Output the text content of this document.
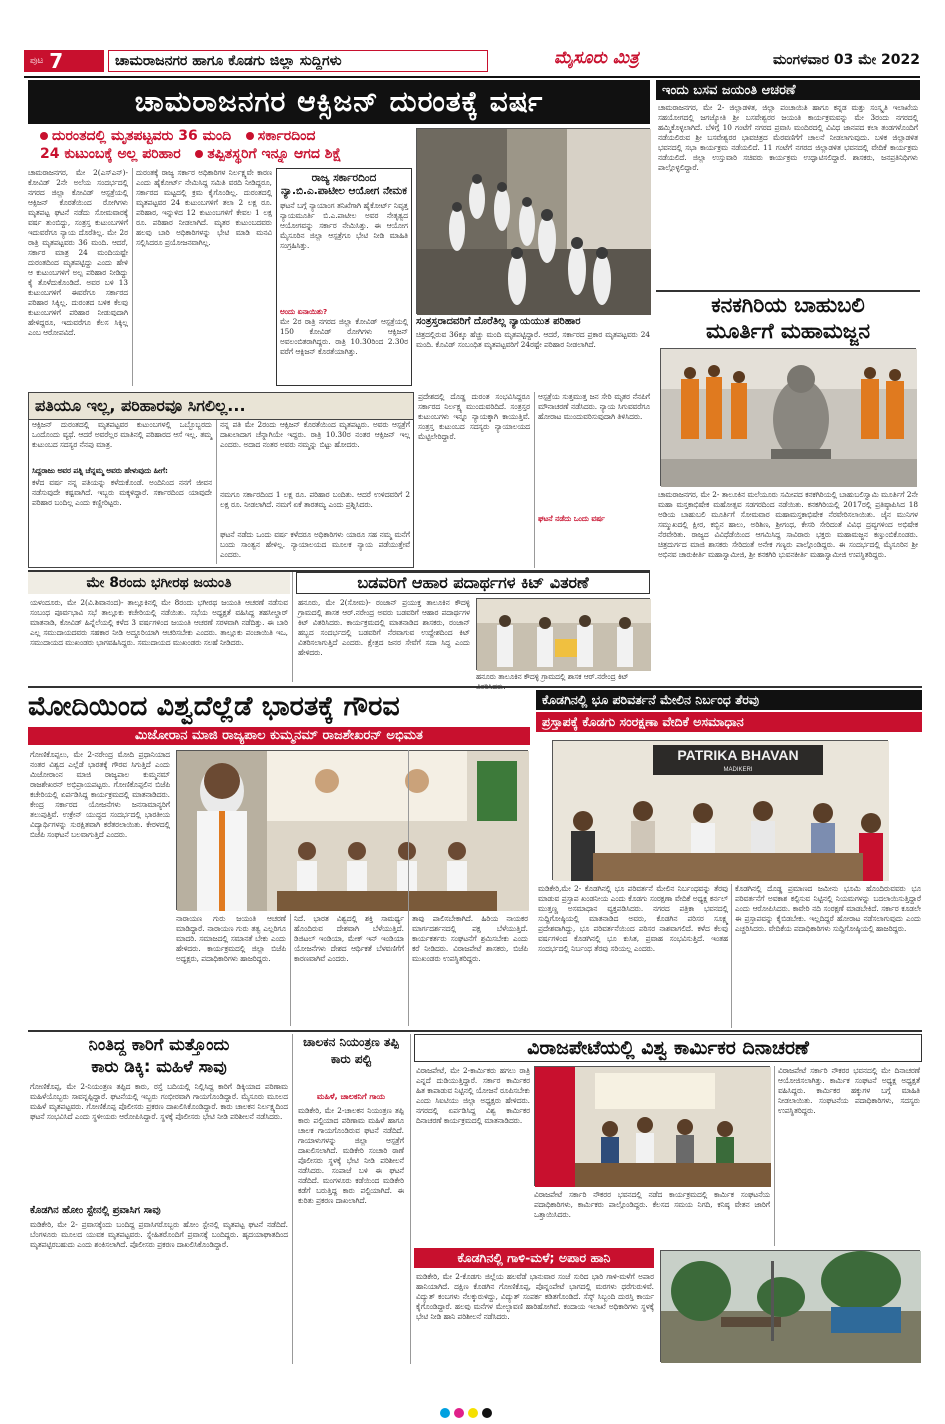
ಪುಟ 7	ಚಾಮರಾಜನಗರ ಹಾಗೂ ಕೊಡಗು ಜಿಲ್ಲಾ ಸುದ್ದಿಗಳು	ಮೈಸೂರು ಮಿತ್ರ	ಮಂಗಳವಾರ 03 ಮೇ 2022
ಚಾಮರಾಜನಗರ ಆಕ್ಸಿಜನ್ ದುರಂತಕ್ಕೆ ವರ್ಷ
ದುರಂತದಲ್ಲಿ ಮೃತಪಟ್ಟವರು 36 ಮಂದಿ ಸರ್ಕಾರದಿಂದ
24 ಕುಟುಂಬಕ್ಕೆ ಅಲ್ಲ ಪರಿಹಾರ ತಪ್ಪಿತಸ್ಥರಿಗೆ ಇನ್ನೂ ಆಗದ ಶಿಕ್ಷೆ
ಚಾಮರಾಜನಗರ, ಮೇ 2(ಎಸ್‌ಎನ್)- ಕೋವಿಡ್ 2ನೇ ಅಲೆಯ ಸಂದರ್ಭದಲ್ಲಿ ನಗರದ ಜಿಲ್ಲಾ ಕೋವಿಡ್ ಆಸ್ಪತ್ರೆಯಲ್ಲಿ ಆಕ್ಸಿಜನ್ ಕೊರತೆಯಿಂದ ರೋಗಿಗಳು ಮೃತಪಟ್ಟ ಘಟನೆ ನಡೆದು ಸೋಮವಾರಕ್ಕೆ ವರ್ಷ ತುಂಬಿದ್ದು, ಸಂತ್ರಸ್ತ ಕುಟುಂಬಗಳಿಗೆ ಇದುವರೆಗೂ ನ್ಯಾಯ ದೊರೆತಿಲ್ಲ. ಮೇ 2ರ ರಾತ್ರಿ ಮೃತಪಟ್ಟವರು 36 ಮಂದಿ. ಆದರೆ, ಸರ್ಕಾರ ಮಾತ್ರ 24 ಮಂದಿಯಷ್ಟೇ ದುರಂತದಿಂದ ಮೃತಪಟ್ಟಿದ್ದು ಎಂದು ಹೇಳಿ ಆ ಕುಟುಂಬಗಳಿಗೆ ಅಲ್ಪ ಪರಿಹಾರ ನೀಡಿದ್ದು ಕೈ ತೊಳೆದುಕೊಂಡಿದೆ. ಅವರ ಬಳಿ 13 ಕುಟುಂಬಗಳಿಗೆ ಈವರೆಗೂ ಸರ್ಕಾರದ ಪರಿಹಾರ ಸಿಕ್ಕಿಲ್ಲ. ದುರಂತದ ಬಳಿಕ ಕೆಲವು ಕುಟುಂಬಗಳಿಗೆ ಪರಿಹಾರ ನೀಡುವುದಾಗಿ ಹೇಳಿದ್ದರೂ, ಇದುವರೆಗೂ ಕೆಲಸ ಸಿಕ್ಕಿಲ್ಲ ಎಂಬ ಆರೋಪವಿದೆ.
ದುರಂತಕ್ಕೆ ರಾಜ್ಯ ಸರ್ಕಾರ ಅಧಿಕಾರಿಗಳ ನಿರ್ಲಕ್ಷ್ಯವೇ ಕಾರಣ ಎಂದು ಹೈಕೋರ್ಟ್ ನೇಮಿಸಿದ್ದ ಸಮಿತಿ ವರದಿ ನೀಡಿದ್ದರೂ, ಸರ್ಕಾರದ ಮಟ್ಟದಲ್ಲಿ ಕ್ರಮ ಕೈಗೊಂಡಿಲ್ಲ. ದುರಂತದಲ್ಲಿ ಮೃತಪಟ್ಟವರ 24 ಕುಟುಂಬಗಳಿಗೆ ತಲಾ 2 ಲಕ್ಷ ರೂ. ಪರಿಹಾರ, ಇನ್ನುಳಿದ 12 ಕುಟುಂಬಗಳಿಗೆ ಕೇವಲ 1 ಲಕ್ಷ ರೂ. ಪರಿಹಾರ ನೀಡಲಾಗಿದೆ. ಮೃತರ ಕುಟುಂಬದವರು ಹಲವು ಬಾರಿ ಅಧಿಕಾರಿಗಳನ್ನು ಭೇಟಿ ಮಾಡಿ ಮನವಿ ಸಲ್ಲಿಸಿದರೂ ಪ್ರಯೋಜನವಾಗಿಲ್ಲ.
ರಾಜ್ಯ ಸರ್ಕಾರದಿಂದ ನ್ಯಾ.ಬಿ.ಎ.ಪಾಟೀಲ ಆಯೋಗ ನೇಮಕ
ಘಟನೆ ಬಗ್ಗೆ ನ್ಯಾಯಾಂಗ ತನಿಖೆಗಾಗಿ ಹೈಕೋರ್ಟ್ ನಿವೃತ್ತ ನ್ಯಾಯಮೂರ್ತಿ ಬಿ.ಎ.ಪಾಟೀಲ ಅವರ ನೇತೃತ್ವದ ಆಯೋಗವನ್ನು ಸರ್ಕಾರ ನೇಮಿಸಿತ್ತು. ಈ ಆಯೋಗ ಮೈಸೂರಿನ ಜಿಲ್ಲಾ ಆಸ್ಪತ್ರೆಗೂ ಭೇಟಿ ನೀಡಿ ಮಾಹಿತಿ ಸಂಗ್ರಹಿಸಿತ್ತು.
ಅಂದು ಏನಾಯಿತು?
ಮೇ 2ರ ರಾತ್ರಿ ನಗರದ ಜಿಲ್ಲಾ ಕೋವಿಡ್ ಆಸ್ಪತ್ರೆಯಲ್ಲಿ 150 ಕೋವಿಡ್ ರೋಗಿಗಳು ಆಕ್ಸಿಜನ್ ಅವಲಂಬಿತರಾಗಿದ್ದರು. ರಾತ್ರಿ 10.30ರಿಂದ 2.30ರ ವರೆಗೆ ಆಕ್ಸಿಜನ್ ಕೊರತೆಯಾಗಿತ್ತು.
ಸಂತ್ರಸ್ತರಾದವರಿಗೆ ದೊರೆತಿಲ್ಲ ನ್ಯಾಯಯುತ ಪರಿಹಾರ
ಚಿತ್ರದಲ್ಲಿರುವ 36ಕ್ಕೂ ಹೆಚ್ಚು ಮಂದಿ ಮೃತಪಟ್ಟಿದ್ದಾರೆ. ಆದರೆ, ಸರ್ಕಾರದ ಪ್ರಕಾರ ಮೃತಪಟ್ಟವರು 24 ಮಂದಿ. ಕೊವಿಡ್ ಸಂಬಂಧಿತ ಮೃತಪಟ್ಟವರಿಗೆ 24ರಷ್ಟೇ ಪರಿಹಾರ ನೀಡಲಾಗಿದೆ.
ಪತಿಯೂ ಇಲ್ಲ, ಪರಿಹಾರವೂ ಸಿಗಲಿಲ್ಲ...
ಆಕ್ಸಿಜನ್ ದುರಂತದಲ್ಲಿ ಮೃತಪಟ್ಟವರ ಕುಟುಂಬಗಳಲ್ಲಿ ಒಬ್ಬೊಬ್ಬರದು ಒಂದೊಂದು ವ್ಯಥೆ. ಆದರೆ ಅವರೆಲ್ಲರ ಮಾತಿನಲ್ಲಿ ಪರಿಹಾರದ ಆಸೆ ಇಲ್ಲ. ತಮ್ಮ ಕುಟುಂಬದ ಸದಸ್ಯರ ನೆನಪು ಮಾತ್ರ.
ಸಿದ್ದರಾಜು ಅವರ ಪತ್ನಿ ಚೆನ್ನಮ್ಮ ಅವರು ಹೇಳುವುದು ಹೀಗೆ:
ಕಳೆದ ವರ್ಷ ನನ್ನ ಪತಿಯನ್ನು ಕಳೆದುಕೊಂಡೆ. ಅಂದಿನಿಂದ ನನಗೆ ಜೀವನ ನಡೆಸುವುದೇ ಕಷ್ಟವಾಗಿದೆ. ಇಬ್ಬರು ಮಕ್ಕಳಿದ್ದಾರೆ. ಸರ್ಕಾರದಿಂದ ಯಾವುದೇ ಪರಿಹಾರ ಬಂದಿಲ್ಲ ಎಂದು ಕಣ್ಣೀರಿಟ್ಟರು.
ನನ್ನ ಪತಿ ಮೇ 2ರಂದು ಆಕ್ಸಿಜನ್ ಕೊರತೆಯಿಂದ ಮೃತಪಟ್ಟರು. ಅವರು ಆಸ್ಪತ್ರೆಗೆ ದಾಖಲಾದಾಗ ಚೆನ್ನಾಗಿಯೇ ಇದ್ದರು. ರಾತ್ರಿ 10.30ರ ನಂತರ ಆಕ್ಸಿಜನ್ ಇಲ್ಲ ಎಂದರು. ಅದಾದ ನಂತರ ಅವರು ನಮ್ಮನ್ನು ಬಿಟ್ಟು ಹೋದರು.
ನಮಗೂ ಸರ್ಕಾರದಿಂದ 1 ಲಕ್ಷ ರೂ. ಪರಿಹಾರ ಬಂದಿತು. ಆದರೆ ಉಳಿದವರಿಗೆ 2 ಲಕ್ಷ ರೂ. ನೀಡಲಾಗಿದೆ. ನಮಗೆ ಏಕೆ ತಾರತಮ್ಯ ಎಂದು ಪ್ರಶ್ನಿಸಿದರು.
ಘಟನೆ ನಡೆದು ಒಂದು ವರ್ಷ ಕಳೆದರೂ ಅಧಿಕಾರಿಗಳು ಯಾರೂ ಸಹ ನಮ್ಮ ಮನೆಗೆ ಬಂದು ಸಾಂತ್ವನ ಹೇಳಿಲ್ಲ. ನ್ಯಾಯಾಲಯದ ಮೂಲಕ ನ್ಯಾಯ ಪಡೆಯುತ್ತೇವೆ ಎಂದರು.
ಪ್ರದೇಶದಲ್ಲಿ ದೊಡ್ಡ ದುರಂತ ಸಂಭವಿಸಿದ್ದರೂ ಸರ್ಕಾರದ ನಿರ್ಲಕ್ಷ್ಯ ಮುಂದುವರಿದಿದೆ. ಸಂತ್ರಸ್ತರ ಕುಟುಂಬಗಳು ಇನ್ನೂ ನ್ಯಾಯಕ್ಕಾಗಿ ಕಾಯುತ್ತಿವೆ. ಸಂತ್ರಸ್ತ ಕುಟುಂಬದ ಸದಸ್ಯರು ನ್ಯಾಯಾಲಯದ ಮೆಟ್ಟಿಲೇರಿದ್ದಾರೆ.
ಆಸ್ಪತ್ರೆಯ ಸುತ್ತಮುತ್ತ ಜನ ಸೇರಿ ಮೃತರ ನೆನಪಿಗೆ ಮೌನಾಚರಣೆ ನಡೆಸಿದರು. ನ್ಯಾಯ ಸಿಗುವವರೆಗೂ ಹೋರಾಟ ಮುಂದುವರಿಸುವುದಾಗಿ ತಿಳಿಸಿದರು.
ಘಟನೆ ನಡೆದು ಒಂದು ವರ್ಷ
ಇಂದು ಬಸವ ಜಯಂತಿ ಆಚರಣೆ
ಚಾಮರಾಜನಗರ, ಮೇ 2- ಜಿಲ್ಲಾಡಳಿತ, ಜಿಲ್ಲಾ ಪಂಚಾಯಿತಿ ಹಾಗೂ ಕನ್ನಡ ಮತ್ತು ಸಂಸ್ಕೃತಿ ಇಲಾಖೆಯ ಸಹಯೋಗದಲ್ಲಿ ಜಗಜ್ಯೋತಿ ಶ್ರೀ ಬಸವೇಶ್ವರರ ಜಯಂತಿ ಕಾರ್ಯಕ್ರಮವನ್ನು ಮೇ 3ರಂದು ನಗರದಲ್ಲಿ ಹಮ್ಮಿಕೊಳ್ಳಲಾಗಿದೆ. ಬೆಳಿಗ್ಗೆ 10 ಗಂಟೆಗೆ ನಗರದ ಪ್ರವಾಸಿ ಮಂದಿರದಲ್ಲಿ ವಿವಿಧ ಜಾನಪದ ಕಲಾ ತಂಡಗಳೊಂದಿಗೆ ನಡೆಯಲಿರುವ ಶ್ರೀ ಬಸವೇಶ್ವರರ ಭಾವಚಿತ್ರದ ಮೆರವಣಿಗೆಗೆ ಚಾಲನೆ ನೀಡಲಾಗುವುದು. ಬಳಿಕ ಜಿಲ್ಲಾಡಳಿತ ಭವನದಲ್ಲಿ ಸಭಾ ಕಾರ್ಯಕ್ರಮ ನಡೆಯಲಿದೆ. 11 ಗಂಟೆಗೆ ನಗರದ ಜಿಲ್ಲಾಡಳಿತ ಭವನದಲ್ಲಿ ವೇದಿಕೆ ಕಾರ್ಯಕ್ರಮ ನಡೆಯಲಿದೆ. ಜಿಲ್ಲಾ ಉಸ್ತುವಾರಿ ಸಚಿವರು ಕಾರ್ಯಕ್ರಮ ಉದ್ಘಾಟಿಸಲಿದ್ದಾರೆ. ಶಾಸಕರು, ಜನಪ್ರತಿನಿಧಿಗಳು ಪಾಲ್ಗೊಳ್ಳಲಿದ್ದಾರೆ.
ಕನಕಗಿರಿಯ ಬಾಹುಬಲಿ
ಮೂರ್ತಿಗೆ ಮಹಾಮಜ್ಜನ
ಚಾಮರಾಜನಗರ, ಮೇ 2- ತಾಲೂಕಿನ ಮಲೆಯೂರು ಸಮೀಪದ ಕನಕಗಿರಿಯಲ್ಲಿ ಬಾಹುಬಲಿಸ್ವಾಮಿ ಮೂರ್ತಿಗೆ 2ನೇ ಮಹಾ ಮಸ್ತಕಾಭಿಷೇಕ ಮಹೋತ್ಸವ ಸಡಗರದಿಂದ ನಡೆಯಿತು. ಕನಕಗಿರಿಯಲ್ಲಿ 2017ರಲ್ಲಿ ಪ್ರತಿಷ್ಠಾಪಿಸಿದ 18 ಅಡಿಯ ಬಾಹುಬಲಿ ಮೂರ್ತಿಗೆ ಸೋಮವಾರ ಮಹಾಮಸ್ತಕಾಭಿಷೇಕ ನೆರವೇರಿಸಲಾಯಿತು. ಜೈನ ಮುನಿಗಳ ಸಮ್ಮುಖದಲ್ಲಿ ಕ್ಷೀರ, ಕಬ್ಬಿನ ಹಾಲು, ಅರಿಶಿಣ, ಶ್ರೀಗಂಧ, ಕೇಸರಿ ಸೇರಿದಂತೆ ವಿವಿಧ ದ್ರವ್ಯಗಳಿಂದ ಅಭಿಷೇಕ ನೆರವೇರಿತು. ರಾಜ್ಯದ ವಿವಿಧೆಡೆಯಿಂದ ಆಗಮಿಸಿದ್ದ ಸಾವಿರಾರು ಭಕ್ತರು ಮಹಾಮಜ್ಜನ ಕಣ್ತುಂಬಿಕೊಂಡರು. ಚಿತ್ರದುರ್ಗದ ಮಾಜಿ ಶಾಸಕರು ಸೇರಿದಂತೆ ಅನೇಕ ಗಣ್ಯರು ಪಾಲ್ಗೊಂಡಿದ್ದರು. ಈ ಸಂದರ್ಭದಲ್ಲಿ ಮೈಸೂರಿನ ಶ್ರೀ ಅಭಿನವ ಚಾರುಕೀರ್ತಿ ಮಹಾಸ್ವಾಮೀಜಿ, ಶ್ರೀ ಕನಕಗಿರಿ ಭುವನಕೀರ್ತಿ ಮಹಾಸ್ವಾಮೀಜಿ ಉಪಸ್ಥಿತರಿದ್ದರು.
ಮೇ 8ರಂದು ಭಗೀರಥ ಜಯಂತಿ
ಯಳಂದೂರು, ಮೇ 2(ವಿ.ಶಿವಾನಂದ)- ತಾಲ್ಲೂಕಿನಲ್ಲಿ ಮೇ 8ರಂದು ಭಗೀರಥ ಜಯಂತಿ ಆಚರಣೆ ನಡೆಸುವ ಸಂಬಂಧ ಪೂರ್ವಭಾವಿ ಸಭೆ ತಾಲ್ಲೂಕು ಕಚೇರಿಯಲ್ಲಿ ನಡೆಯಿತು. ಸಭೆಯ ಅಧ್ಯಕ್ಷತೆ ವಹಿಸಿದ್ದ ತಹಸೀಲ್ದಾರ್ ಮಾತನಾಡಿ, ಕೋವಿಡ್ ಹಿನ್ನೆಲೆಯಲ್ಲಿ ಕಳೆದ 3 ವರ್ಷಗಳಿಂದ ಜಯಂತಿ ಆಚರಣೆ ಸರಳವಾಗಿ ನಡೆದಿತ್ತು. ಈ ಬಾರಿ ಎಲ್ಲ ಸಮುದಾಯದವರು ಸಹಕಾರ ನೀಡಿ ಅದ್ದೂರಿಯಾಗಿ ಆಚರಿಸಬೇಕು ಎಂದರು. ತಾಲ್ಲೂಕು ಪಂಚಾಯಿತಿ ಇಒ, ಸಮುದಾಯದ ಮುಖಂಡರು ಭಾಗವಹಿಸಿದ್ದರು. ಸಮುದಾಯದ ಮುಖಂಡರು ಸಲಹೆ ನೀಡಿದರು.
ಬಡವರಿಗೆ ಆಹಾರ ಪದಾರ್ಥಗಳ ಕಿಟ್ ವಿತರಣೆ
ಹನೂರು, ಮೇ 2(ಸೋಮ)- ರಂಜಾನ್ ಪ್ರಯುಕ್ತ ತಾಲೂಕಿನ ಕೌದಳ್ಳಿ ಗ್ರಾಮದಲ್ಲಿ ಶಾಸಕ ಆರ್.ನರೇಂದ್ರ ಅವರು ಬಡವರಿಗೆ ಆಹಾರ ಪದಾರ್ಥಗಳ ಕಿಟ್ ವಿತರಿಸಿದರು. ಕಾರ್ಯಕ್ರಮದಲ್ಲಿ ಮಾತನಾಡಿದ ಶಾಸಕರು, ರಂಜಾನ್ ಹಬ್ಬದ ಸಂದರ್ಭದಲ್ಲಿ ಬಡವರಿಗೆ ನೆರವಾಗುವ ಉದ್ದೇಶದಿಂದ ಕಿಟ್ ವಿತರಿಸಲಾಗುತ್ತಿದೆ ಎಂದರು. ಕ್ಷೇತ್ರದ ಜನರ ಸೇವೆಗೆ ಸದಾ ಸಿದ್ಧ ಎಂದು ಹೇಳಿದರು.
ಹನೂರು ತಾಲೂಕಿನ ಕೌದಳ್ಳಿ ಗ್ರಾಮದಲ್ಲಿ ಶಾಸಕ ಆರ್.ನರೇಂದ್ರ ಕಿಟ್
ಮೋದಿಯಿಂದ ವಿಶ್ವದೆಲ್ಲೆಡೆ ಭಾರತಕ್ಕೆ ಗೌರವ
ಮಿಜೋರಾನ ಮಾಜಿ ರಾಜ್ಯಪಾಲ ಕುಮ್ಮನಮ್ ರಾಜಶೇಖರನ್ ಅಭಿಮತ
ಗೋಣಿಕೊಪ್ಪಲು, ಮೇ 2-ನರೇಂದ್ರ ಮೋದಿ ಪ್ರಧಾನಿಯಾದ ನಂತರ ವಿಶ್ವದ ಎಲ್ಲೆಡೆ ಭಾರತಕ್ಕೆ ಗೌರವ ಸಿಗುತ್ತಿದೆ ಎಂದು ಮಿಜೋರಾಂನ ಮಾಜಿ ರಾಜ್ಯಪಾಲ ಕುಮ್ಮನಮ್ ರಾಜಶೇಖರನ್ ಅಭಿಪ್ರಾಯಪಟ್ಟರು. ಗೋಣಿಕೊಪ್ಪಲಿನ ಬಿಜೆಪಿ ಕಚೇರಿಯಲ್ಲಿ ಏರ್ಪಡಿಸಿದ್ದ ಕಾರ್ಯಕ್ರಮದಲ್ಲಿ ಮಾತನಾಡಿದರು. ಕೇಂದ್ರ ಸರ್ಕಾರದ ಯೋಜನೆಗಳು ಜನಸಾಮಾನ್ಯರಿಗೆ ತಲುಪುತ್ತಿವೆ. ಉಕ್ರೇನ್ ಯುದ್ಧದ ಸಂದರ್ಭದಲ್ಲಿ ಭಾರತೀಯ ವಿದ್ಯಾರ್ಥಿಗಳನ್ನು ಸುರಕ್ಷಿತವಾಗಿ ಕರೆತರಲಾಯಿತು. ಕೇರಳದಲ್ಲಿ ಬಿಜೆಪಿ ಸಂಘಟನೆ ಬಲವಾಗುತ್ತಿದೆ ಎಂದರು.
ನಾರಾಯಣ ಗುರು ಜಯಂತಿ ಆಚರಣೆ ಮಾಡಿದ್ದಾರೆ. ನಾರಾಯಣ ಗುರು ತತ್ವ ಎಲ್ಲರಿಗೂ ಮಾದರಿ. ಸಮಾಜದಲ್ಲಿ ಸಮಾನತೆ ಬೇಕು ಎಂದು ಹೇಳಿದರು. ಕಾರ್ಯಕ್ರಮದಲ್ಲಿ ಜಿಲ್ಲಾ ಬಿಜೆಪಿ ಅಧ್ಯಕ್ಷರು, ಪದಾಧಿಕಾರಿಗಳು ಹಾಜರಿದ್ದರು.
ನಿದೆ. ಭಾರತ ವಿಶ್ವದಲ್ಲಿ ಶಕ್ತಿ ಸಾಮರ್ಥ್ಯ ಹೊಂದಿರುವ ದೇಶವಾಗಿ ಬೆಳೆಯುತ್ತಿದೆ. ಡಿಜಿಟಲ್ ಇಂಡಿಯಾ, ಮೇಕ್ ಇನ್ ಇಂಡಿಯಾ ಯೋಜನೆಗಳು ದೇಶದ ಆರ್ಥಿಕತೆ ಬೆಳವಣಿಗೆಗೆ ಕಾರಣವಾಗಿವೆ ಎಂದರು.
ತಾವು ಪಾಲಿಸಬೇಕಾಗಿದೆ. ಹಿರಿಯ ನಾಯಕರ ಮಾರ್ಗದರ್ಶನದಲ್ಲಿ ಪಕ್ಷ ಬೆಳೆಯುತ್ತಿದೆ. ಕಾರ್ಯಕರ್ತರು ಸಂಘಟನೆಗೆ ಶ್ರಮಿಸಬೇಕು ಎಂದು ಕರೆ ನೀಡಿದರು. ವಿರಾಜಪೇಟೆ ಶಾಸಕರು, ಬಿಜೆಪಿ ಮುಖಂಡರು ಉಪಸ್ಥಿತರಿದ್ದರು.
ಕೊಡಗಿನಲ್ಲಿ ಭೂ ಪರಿವರ್ತನೆ ಮೇಲಿನ ನಿರ್ಬಂಧ ತೆರವು
ಪ್ರಸ್ತಾಪಕ್ಕೆ ಕೊಡಗು ಸಂರಕ್ಷಣಾ ವೇದಿಕೆ ಅಸಮಾಧಾನ
PATRIKA BHAVAN
MADIKERI
ಮಡಿಕೇರಿ,ಮೇ 2- ಕೊಡಗಿನಲ್ಲಿ ಭೂ ಪರಿವರ್ತನೆ ಮೇಲಿನ ನಿರ್ಬಂಧವನ್ನು ತೆರವು ಮಾಡುವ ಪ್ರಸ್ತಾಪ ಖಂಡನೀಯ ಎಂದು ಕೊಡಗು ಸಂರಕ್ಷಣಾ ವೇದಿಕೆ ಅಧ್ಯಕ್ಷ ಕರ್ನಲ್ ಮುತ್ತಣ್ಣ ಅಸಮಾಧಾನ ವ್ಯಕ್ತಪಡಿಸಿದರು. ನಗರದ ಪತ್ರಿಕಾ ಭವನದಲ್ಲಿ ಸುದ್ದಿಗೋಷ್ಠಿಯಲ್ಲಿ ಮಾತನಾಡಿದ ಅವರು, ಕೊಡಗಿನ ಪರಿಸರ ಸೂಕ್ಷ್ಮ ಪ್ರದೇಶವಾಗಿದ್ದು, ಭೂ ಪರಿವರ್ತನೆಯಿಂದ ಪರಿಸರ ನಾಶವಾಗಲಿದೆ. ಕಳೆದ ಕೆಲವು ವರ್ಷಗಳಿಂದ ಕೊಡಗಿನಲ್ಲಿ ಭೂ ಕುಸಿತ, ಪ್ರವಾಹ ಸಂಭವಿಸುತ್ತಿದೆ. ಇಂತಹ ಸಂದರ್ಭದಲ್ಲಿ ನಿರ್ಬಂಧ ತೆರವು ಸರಿಯಲ್ಲ ಎಂದರು.
ಕೊಡಗಿನಲ್ಲಿ ದೊಡ್ಡ ಪ್ರಮಾಣದ ಜಮೀನು ಭೂಮಿ ಹೊಂದಿರುವವರು ಭೂ ಪರಿವರ್ತನೆಗೆ ಅವಕಾಶ ಕಲ್ಪಿಸುವ ನಿಟ್ಟಿನಲ್ಲಿ ನಿಯಮಗಳನ್ನು ಬದಲಾಯಿಸುತ್ತಿದ್ದಾರೆ ಎಂದು ಆರೋಪಿಸಿದರು. ಕಾವೇರಿ ನದಿ ಸಂರಕ್ಷಣೆ ಮಾಡಬೇಕಿದೆ. ಸರ್ಕಾರ ಕೂಡಲೇ ಈ ಪ್ರಸ್ತಾಪವನ್ನು ಕೈಬಿಡಬೇಕು. ಇಲ್ಲದಿದ್ದರೆ ಹೋರಾಟ ನಡೆಸಲಾಗುವುದು ಎಂದು ಎಚ್ಚರಿಸಿದರು. ವೇದಿಕೆಯ ಪದಾಧಿಕಾರಿಗಳು ಸುದ್ದಿಗೋಷ್ಠಿಯಲ್ಲಿ ಹಾಜರಿದ್ದರು.
ನಿಂತಿದ್ದ ಕಾರಿಗೆ ಮತ್ತೊಂದು
ಕಾರು ಡಿಕ್ಕಿ: ಮಹಿಳೆ ಸಾವು
ಗೋಣಿಕೊಪ್ಪ, ಮೇ 2-ನಿಯಂತ್ರಣ ತಪ್ಪಿದ ಕಾರು, ರಸ್ತೆ ಬದಿಯಲ್ಲಿ ನಿಲ್ಲಿಸಿದ್ದ ಕಾರಿಗೆ ಡಿಕ್ಕಿಯಾದ ಪರಿಣಾಮ ಮಹಿಳೆಯೊಬ್ಬರು ಸಾವನ್ನಪ್ಪಿದ್ದಾರೆ. ಘಟನೆಯಲ್ಲಿ ಇಬ್ಬರು ಗಂಭೀರವಾಗಿ ಗಾಯಗೊಂಡಿದ್ದಾರೆ. ಮೈಸೂರು ಮೂಲದ ಮಹಿಳೆ ಮೃತಪಟ್ಟವರು. ಗೋಣಿಕೊಪ್ಪ ಪೊಲೀಸರು ಪ್ರಕರಣ ದಾಖಲಿಸಿಕೊಂಡಿದ್ದಾರೆ. ಕಾರು ಚಾಲಕನ ನಿರ್ಲಕ್ಷ್ಯದಿಂದ ಘಟನೆ ಸಂಭವಿಸಿದೆ ಎಂದು ಸ್ಥಳೀಯರು ಆರೋಪಿಸಿದ್ದಾರೆ. ಸ್ಥಳಕ್ಕೆ ಪೊಲೀಸರು ಭೇಟಿ ನೀಡಿ ಪರಿಶೀಲನೆ ನಡೆಸಿದರು.
ಕೊಡಗಿನ ಹೋಂ ಸ್ಟೇನಲ್ಲಿ ಪ್ರವಾಸಿಗ ಸಾವು
ಮಡಿಕೇರಿ, ಮೇ 2- ಪ್ರವಾಸಕ್ಕೆಂದು ಬಂದಿದ್ದ ಪ್ರವಾಸಿಗರೊಬ್ಬರು ಹೋಂ ಸ್ಟೇನಲ್ಲಿ ಮೃತಪಟ್ಟ ಘಟನೆ ನಡೆದಿದೆ. ಬೆಂಗಳೂರು ಮೂಲದ ಯುವಕ ಮೃತಪಟ್ಟವರು. ಸ್ನೇಹಿತರೊಂದಿಗೆ ಪ್ರವಾಸಕ್ಕೆ ಬಂದಿದ್ದರು. ಹೃದಯಾಘಾತದಿಂದ ಮೃತಪಟ್ಟಿರಬಹುದು ಎಂದು ಶಂಕಿಸಲಾಗಿದೆ. ಪೊಲೀಸರು ಪ್ರಕರಣ ದಾಖಲಿಸಿಕೊಂಡಿದ್ದಾರೆ.
ಚಾಲಕನ ನಿಯಂತ್ರಣ ತಪ್ಪಿ ಕಾರು ಪಲ್ಟಿ
ಮಹಿಳೆ, ಚಾಲಕನಿಗೆ ಗಾಯ
ಮಡಿಕೇರಿ, ಮೇ 2-ಚಾಲಕನ ನಿಯಂತ್ರಣ ತಪ್ಪಿ ಕಾರು ಪಲ್ಟಿಯಾದ ಪರಿಣಾಮ ಮಹಿಳೆ ಹಾಗೂ ಚಾಲಕ ಗಾಯಗೊಂಡಿರುವ ಘಟನೆ ನಡೆದಿದೆ. ಗಾಯಾಳುಗಳನ್ನು ಜಿಲ್ಲಾ ಆಸ್ಪತ್ರೆಗೆ ದಾಖಲಿಸಲಾಗಿದೆ. ಮಡಿಕೇರಿ ಸಂಚಾರಿ ಠಾಣೆ ಪೊಲೀಸರು ಸ್ಥಳಕ್ಕೆ ಭೇಟಿ ನೀಡಿ ಪರಿಶೀಲನೆ ನಡೆಸಿದರು. ಸಂಪಾಜೆ ಬಳಿ ಈ ಘಟನೆ ನಡೆದಿದೆ. ಮಂಗಳೂರು ಕಡೆಯಿಂದ ಮಡಿಕೇರಿ ಕಡೆಗೆ ಬರುತ್ತಿದ್ದ ಕಾರು ಪಲ್ಟಿಯಾಗಿದೆ. ಈ ಕುರಿತು ಪ್ರಕರಣ ದಾಖಲಾಗಿದೆ.
ವಿರಾಜಪೇಟೆಯಲ್ಲಿ ವಿಶ್ವ ಕಾರ್ಮಿಕರ ದಿನಾಚರಣೆ
ವಿರಾಜಪೇಟೆ, ಮೇ 2-ಕಾರ್ಮಿಕರು ಹಗಲು ರಾತ್ರಿ ಎನ್ನದೆ ದುಡಿಯುತ್ತಿದ್ದಾರೆ. ಸರ್ಕಾರ ಕಾರ್ಮಿಕರ ಹಿತ ಕಾಪಾಡುವ ನಿಟ್ಟಿನಲ್ಲಿ ಯೋಜನೆ ರೂಪಿಸಬೇಕು ಎಂದು ಸಿಐಟಿಯು ಜಿಲ್ಲಾ ಅಧ್ಯಕ್ಷರು ಹೇಳಿದರು. ನಗರದಲ್ಲಿ ಏರ್ಪಡಿಸಿದ್ದ ವಿಶ್ವ ಕಾರ್ಮಿಕರ ದಿನಾಚರಣೆ ಕಾರ್ಯಕ್ರಮದಲ್ಲಿ ಮಾತನಾಡಿದರು.
ವಿರಾಜಪೇಟೆ ಸರ್ಕಾರಿ ನೌಕರರ ಭವನದಲ್ಲಿ ನಡೆದ ಕಾರ್ಯಕ್ರಮದಲ್ಲಿ ಕಾರ್ಮಿಕ ಸಂಘಟನೆಯ ಪದಾಧಿಕಾರಿಗಳು, ಕಾರ್ಮಿಕರು ಪಾಲ್ಗೊಂಡಿದ್ದರು. ಕೆಲಸದ ಸಮಯ ನಿಗದಿ, ಕನಿಷ್ಠ ವೇತನ ಜಾರಿಗೆ ಒತ್ತಾಯಿಸಿದರು.
ವಿರಾಜಪೇಟೆ ಸರ್ಕಾರಿ ನೌಕರರ ಭವನದಲ್ಲಿ ಮೇ ದಿನಾಚರಣೆ ಆಯೋಜಿಸಲಾಗಿತ್ತು. ಕಾರ್ಮಿಕ ಸಂಘಟನೆ ಅಧ್ಯಕ್ಷ ಅಧ್ಯಕ್ಷತೆ ವಹಿಸಿದ್ದರು. ಕಾರ್ಮಿಕರ ಹಕ್ಕುಗಳ ಬಗ್ಗೆ ಮಾಹಿತಿ ನೀಡಲಾಯಿತು. ಸಂಘಟನೆಯ ಪದಾಧಿಕಾರಿಗಳು, ಸದಸ್ಯರು ಉಪಸ್ಥಿತರಿದ್ದರು.
ಕೊಡಗಿನಲ್ಲಿ ಗಾಳಿ-ಮಳೆ; ಅಪಾರ ಹಾನಿ
ಮಡಿಕೇರಿ, ಮೇ 2-ಕೊಡಗು ಜಿಲ್ಲೆಯ ಹಲವೆಡೆ ಭಾನುವಾರ ಸಂಜೆ ಸುರಿದ ಭಾರಿ ಗಾಳಿ-ಮಳೆಗೆ ಅಪಾರ ಹಾನಿಯಾಗಿದೆ. ದಕ್ಷಿಣ ಕೊಡಗಿನ ಗೋಣಿಕೊಪ್ಪ, ಪೊನ್ನಂಪೇಟೆ ಭಾಗದಲ್ಲಿ ಮರಗಳು ಧರೆಗುರುಳಿವೆ. ವಿದ್ಯುತ್ ಕಂಬಗಳು ನೆಲಕ್ಕುರುಳಿದ್ದು, ವಿದ್ಯುತ್ ಸಂಪರ್ಕ ಕಡಿತಗೊಂಡಿದೆ. ಸೆಸ್ಕ್ ಸಿಬ್ಬಂದಿ ದುರಸ್ತಿ ಕಾರ್ಯ ಕೈಗೊಂಡಿದ್ದಾರೆ. ಹಲವು ಮನೆಗಳ ಮೇಲ್ಛಾವಣಿ ಹಾರಿಹೋಗಿವೆ. ಕಂದಾಯ ಇಲಾಖೆ ಅಧಿಕಾರಿಗಳು ಸ್ಥಳಕ್ಕೆ ಭೇಟಿ ನೀಡಿ ಹಾನಿ ಪರಿಶೀಲನೆ ನಡೆಸಿದರು.
